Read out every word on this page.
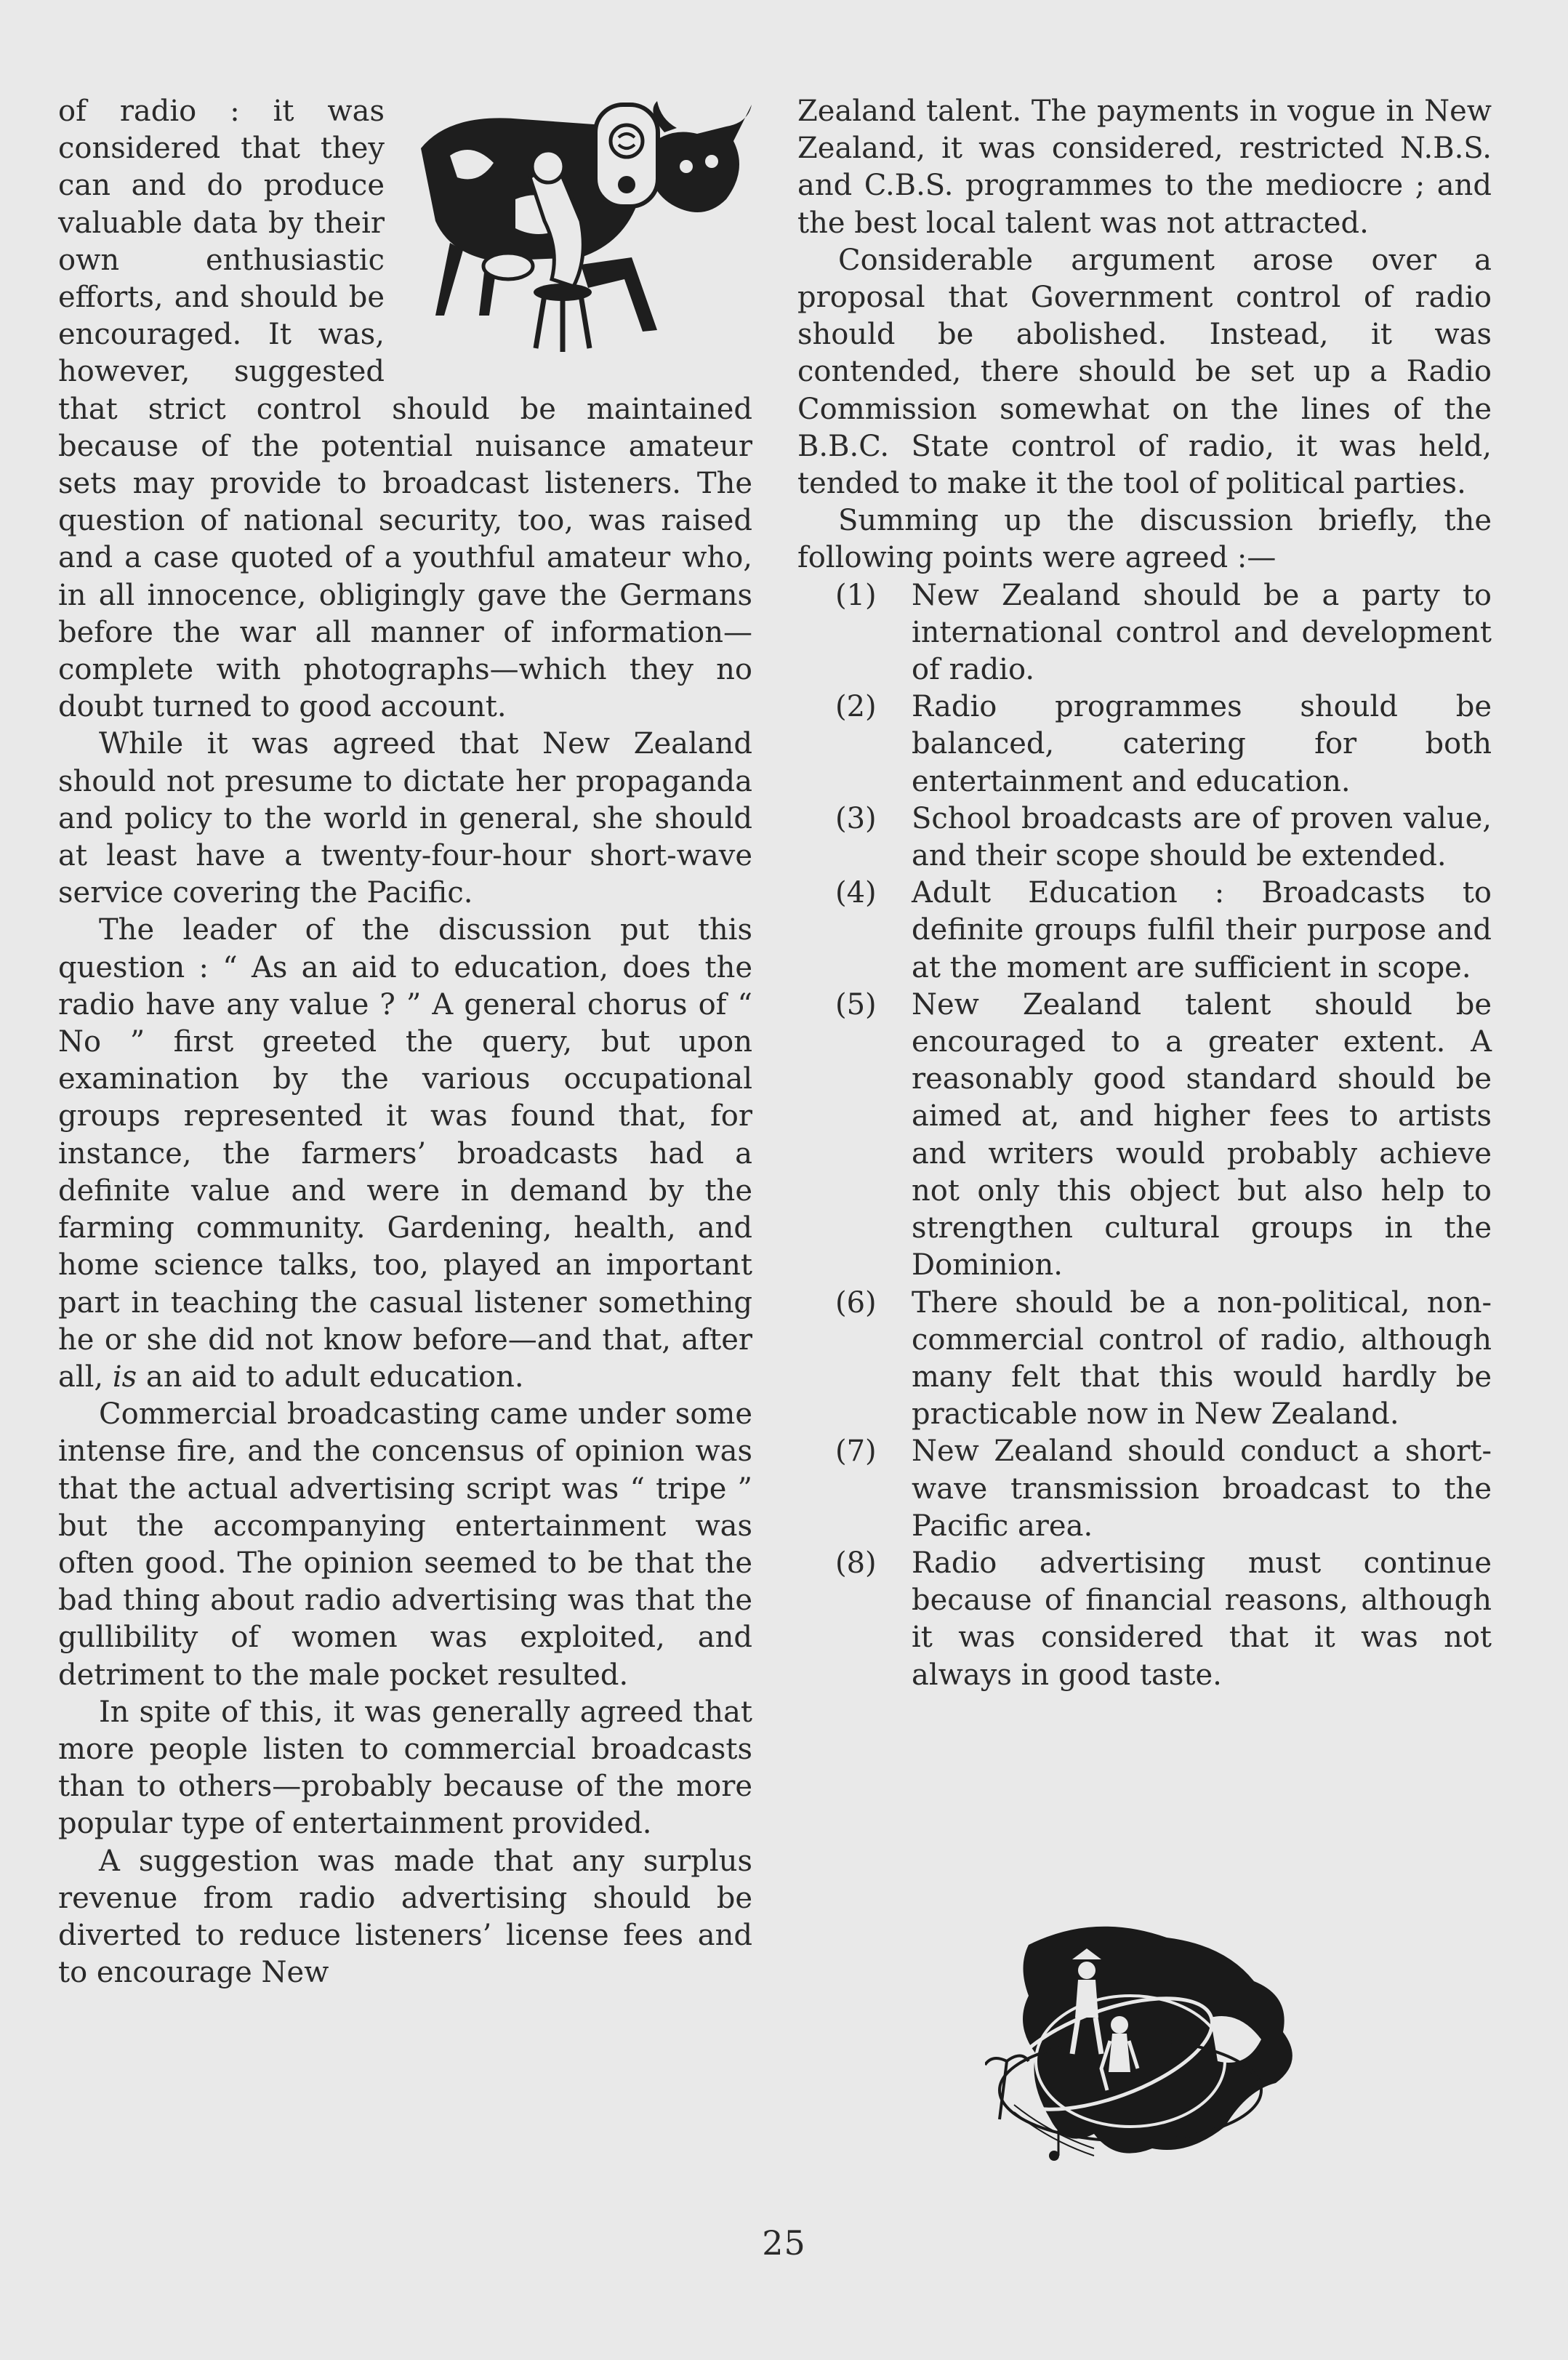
of radio : it was considered that they can and do produce valuable data by their own enthusiastic efforts, and should be encouraged. It was, however, suggested that strict control should be maintained because of the potential nuisance amateur sets may provide to broadcast listeners. The question of national security, too, was raised and a case quoted of a youthful amateur who, in all innocence, obligingly gave the Germans before the war all manner of information—complete with photographs—which they no doubt turned to good account.

While it was agreed that New Zealand should not presume to dictate her propaganda and policy to the world in general, she should at least have a twenty-four-hour short-wave service covering the Pacific.

The leader of the discussion put this question : “ As an aid to education, does the radio have any value ? ” A general chorus of “ No ” first greeted the query, but upon examination by the various occupational groups represented it was found that, for instance, the farmers’ broadcasts had a definite value and were in demand by the farming community. Gardening, health, and home science talks, too, played an important part in teaching the casual listener something he or she did not know before—and that, after all, is an aid to adult education.

Commercial broadcasting came under some intense fire, and the concensus of opinion was that the actual advertising script was “ tripe ” but the accompanying entertainment was often good. The opinion seemed to be that the bad thing about radio advertising was that the gullibility of women was exploited, and detriment to the male pocket resulted.

In spite of this, it was generally agreed that more people listen to commercial broadcasts than to others—probably because of the more popular type of entertainment provided.

A suggestion was made that any surplus revenue from radio advertising should be diverted to reduce listeners’ license fees and to encourage New

Zealand talent. The payments in vogue in New Zealand, it was considered, restricted N.B.S. and C.B.S. programmes to the mediocre ; and the best local talent was not attracted.

Considerable argument arose over a proposal that Government control of radio should be abolished. Instead, it was contended, there should be set up a Radio Commission somewhat on the lines of the B.B.C. State control of radio, it was held, tended to make it the tool of political parties.

Summing up the discussion briefly, the following points were agreed :—

(1) New Zealand should be a party to international control and development of radio.
(2) Radio programmes should be balanced, catering for both entertainment and education.
(3) School broadcasts are of proven value, and their scope should be extended.
(4) Adult Education : Broadcasts to definite groups fulfil their purpose and at the moment are sufficient in scope.
(5) New Zealand talent should be encouraged to a greater extent. A reasonably good standard should be aimed at, and higher fees to artists and writers would probably achieve not only this object but also help to strengthen cultural groups in the Dominion.
(6) There should be a non-political, non-commercial control of radio, although many felt that this would hardly be practicable now in New Zealand.
(7) New Zealand should conduct a short-wave transmission broadcast to the Pacific area.
(8) Radio advertising must continue because of financial reasons, although it was considered that it was not always in good taste.
25
